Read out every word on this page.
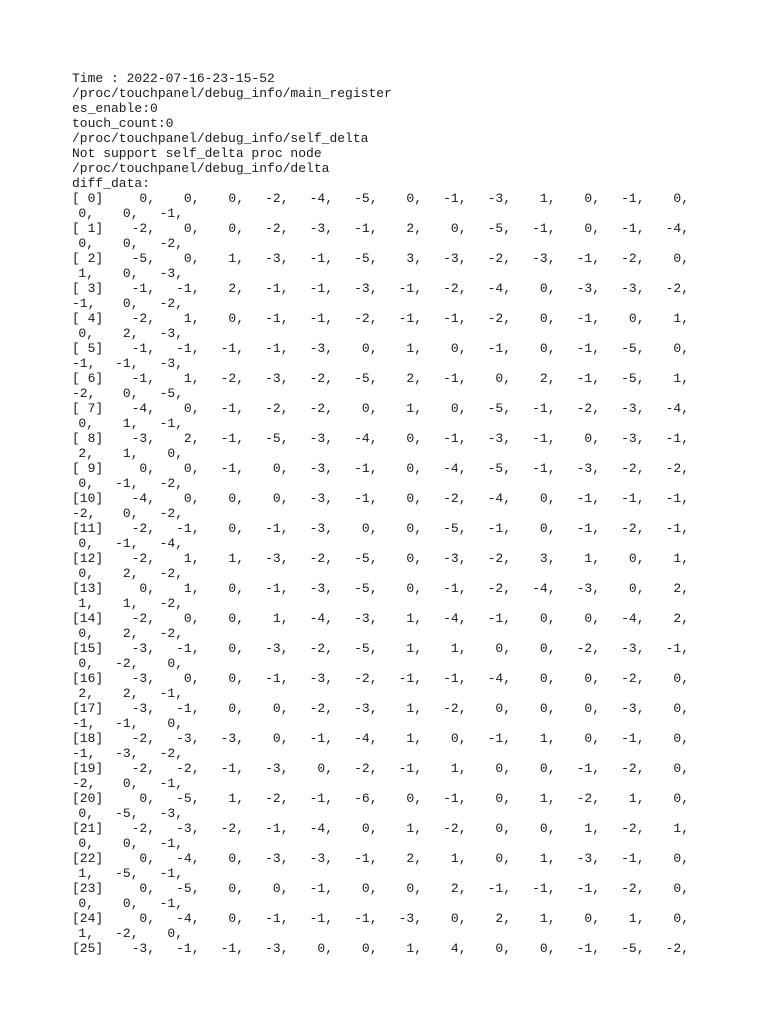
Time : 2022-07-16-23-15-52
/proc/touchpanel/debug_info/main_register
es_enable:0
touch_count:0
/proc/touchpanel/debug_info/self_delta
Not support self_delta proc node
/proc/touchpanel/debug_info/delta
diff_data:
[ 0]	0,	0,	0,	-2,	-4,	-5,	0,	-1,	-3,	1,	0,	-1,	0,
0,	0,	-1,
[ 1]	-2,	0,	0,	-2,	-3,	-1,	2,	0,	-5,	-1,	0,	-1,	-4,
0,	0,	-2,
[ 2]	-5,	0,	1,	-3,	-1,	-5,	3,	-3,	-2,	-3,	-1,	-2,	0,
1,	0,	-3,
[ 3]	-1,	-1,	2,	-1,	-1,	-3,	-1,	-2,	-4,	0,	-3,	-3,	-2,
-1,	0,	-2,
[ 4]	-2,	1,	0,	-1,	-1,	-2,	-1,	-1,	-2,	0,	-1,	0,	1,
0,	2,	-3,
[ 5]	-1,	-1,	-1,	-1,	-3,	0,	1,	0,	-1,	0,	-1,	-5,	0,
-1,	-1,	-3,
[ 6]	-1,	1,	-2,	-3,	-2,	-5,	2,	-1,	0,	2,	-1,	-5,	1,
-2,	0,	-5,
[ 7]	-4,	0,	-1,	-2,	-2,	0,	1,	0,	-5,	-1,	-2,	-3,	-4,
0,	1,	-1,
[ 8]	-3,	2,	-1,	-5,	-3,	-4,	0,	-1,	-3,	-1,	0,	-3,	-1,
2,	1,	0,
[ 9]	0,	0,	-1,	0,	-3,	-1,	0,	-4,	-5,	-1,	-3,	-2,	-2,
0,	-1,	-2,
[10]	-4,	0,	0,	0,	-3,	-1,	0,	-2,	-4,	0,	-1,	-1,	-1,
-2,	0,	-2,
[11]	-2,	-1,	0,	-1,	-3,	0,	0,	-5,	-1,	0,	-1,	-2,	-1,
0,	-1,	-4,
[12]	-2,	1,	1,	-3,	-2,	-5,	0,	-3,	-2,	3,	1,	0,	1,
0,	2,	-2,
[13]	0,	1,	0,	-1,	-3,	-5,	0,	-1,	-2,	-4,	-3,	0,	2,
1,	1,	-2,
[14]	-2,	0,	0,	1,	-4,	-3,	1,	-4,	-1,	0,	0,	-4,	2,
0,	2,	-2,
[15]	-3,	-1,	0,	-3,	-2,	-5,	1,	1,	0,	0,	-2,	-3,	-1,
0,	-2,	0,
[16]	-3,	0,	0,	-1,	-3,	-2,	-1,	-1,	-4,	0,	0,	-2,	0,
2,	2,	-1,
[17]	-3,	-1,	0,	0,	-2,	-3,	1,	-2,	0,	0,	0,	-3,	0,
-1,	-1,	0,
[18]	-2,	-3,	-3,	0,	-1,	-4,	1,	0,	-1,	1,	0,	-1,	0,
-1,	-3,	-2,
[19]	-2,	-2,	-1,	-3,	0,	-2,	-1,	1,	0,	0,	-1,	-2,	0,
-2,	0,	-1,
[20]	0,	-5,	1,	-2,	-1,	-6,	0,	-1,	0,	1,	-2,	1,	0,
0,	-5,	-3,
[21]	-2,	-3,	-2,	-1,	-4,	0,	1,	-2,	0,	0,	1,	-2,	1,
0,	0,	-1,
[22]	0,	-4,	0,	-3,	-3,	-1,	2,	1,	0,	1,	-3,	-1,	0,
1,	-5,	-1,
[23]	0,	-5,	0,	0,	-1,	0,	0,	2,	-1,	-1,	-1,	-2,	0,
0,	0,	-1,
[24]	0,	-4,	0,	-1,	-1,	-1,	-3,	0,	2,	1,	0,	1,	0,
1,	-2,	0,
[25]	-3,	-1,	-1,	-3,	0,	0,	1,	4,	0,	0,	-1,	-5,	-2,
